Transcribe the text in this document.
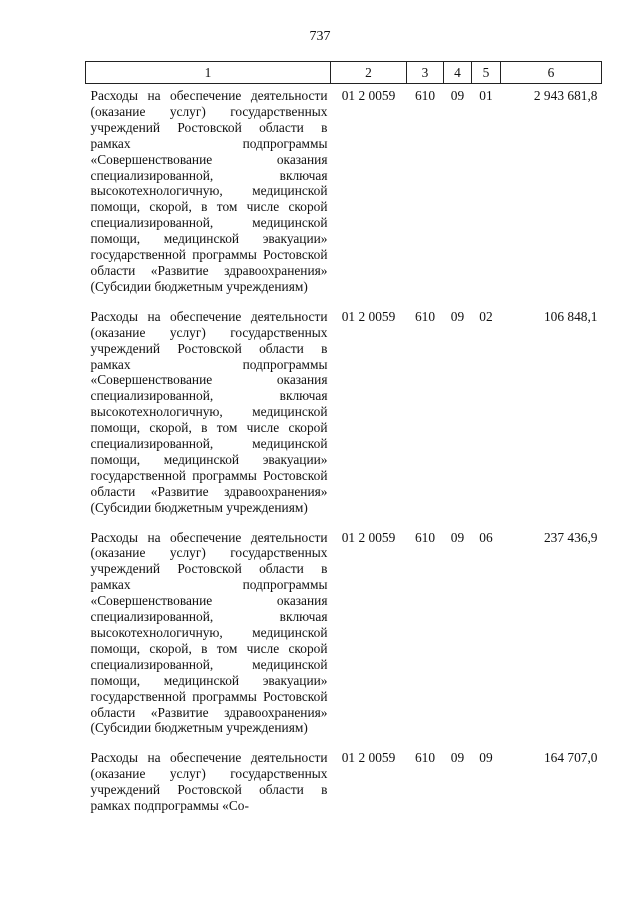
737
1	2	3	4	5	6
Расходы на обеспечение деятельности (оказание услуг) государственных учреждений Ростовской области в рамках подпрограммы «Совершенствование оказания специализированной, включая высокотехнологичную, медицинской помощи, скорой, в том числе скорой специализированной, медицинской помощи, медицинской эвакуации» государственной программы Ростовской области «Развитие здравоохранения» (Субсидии бюджетным учреждениям)	01 2 0059	610	09	01	2 943 681,8
Расходы на обеспечение деятельности (оказание услуг) государственных учреждений Ростовской области в рамках подпрограммы «Совершенствование оказания специализированной, включая высокотехнологичную, медицинской помощи, скорой, в том числе скорой специализированной, медицинской помощи, медицинской эвакуации» государственной программы Ростовской области «Развитие здравоохранения» (Субсидии бюджетным учреждениям)	01 2 0059	610	09	02	106 848,1
Расходы на обеспечение деятельности (оказание услуг) государственных учреждений Ростовской области в рамках подпрограммы «Совершенствование оказания специализированной, включая высокотехнологичную, медицинской помощи, скорой, в том числе скорой специализированной, медицинской помощи, медицинской эвакуации» государственной программы Ростовской области «Развитие здравоохранения» (Субсидии бюджетным учреждениям)	01 2 0059	610	09	06	237 436,9
Расходы на обеспечение деятельности (оказание услуг) государственных учреждений Ростовской области в рамках подпрограммы «Со-	01 2 0059	610	09	09	164 707,0
